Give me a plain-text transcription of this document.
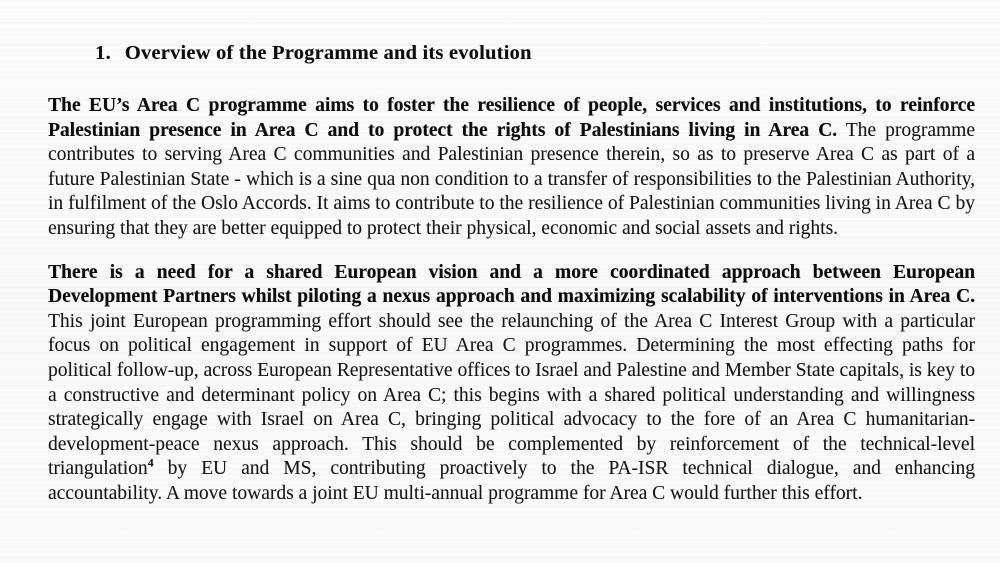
1. Overview of the Programme and its evolution

The EU’s Area C programme aims to foster the resilience of people, services and institutions, to reinforce Palestinian presence in Area C and to protect the rights of Palestinians living in Area C. The programme contributes to serving Area C communities and Palestinian presence therein, so as to preserve Area C as part of a future Palestinian State - which is a sine qua non condition to a transfer of responsibilities to the Palestinian Authority, in fulfilment of the Oslo Accords. It aims to contribute to the resilience of Palestinian communities living in Area C by ensuring that they are better equipped to protect their physical, economic and social assets and rights.

There is a need for a shared European vision and a more coordinated approach between European Development Partners whilst piloting a nexus approach and maximizing scalability of interventions in Area C. This joint European programming effort should see the relaunching of the Area C Interest Group with a particular focus on political engagement in support of EU Area C programmes. Determining the most effecting paths for political follow-up, across European Representative offices to Israel and Palestine and Member State capitals, is key to a constructive and determinant policy on Area C; this begins with a shared political understanding and willingness strategically engage with Israel on Area C, bringing political advocacy to the fore of an Area C humanitarian-development-peace nexus approach. This should be complemented by reinforcement of the technical-level triangulation$^4$ by EU and MS, contributing proactively to the PA-ISR technical dialogue, and enhancing accountability. A move towards a joint EU multi-annual programme for Area C would further this effort.
